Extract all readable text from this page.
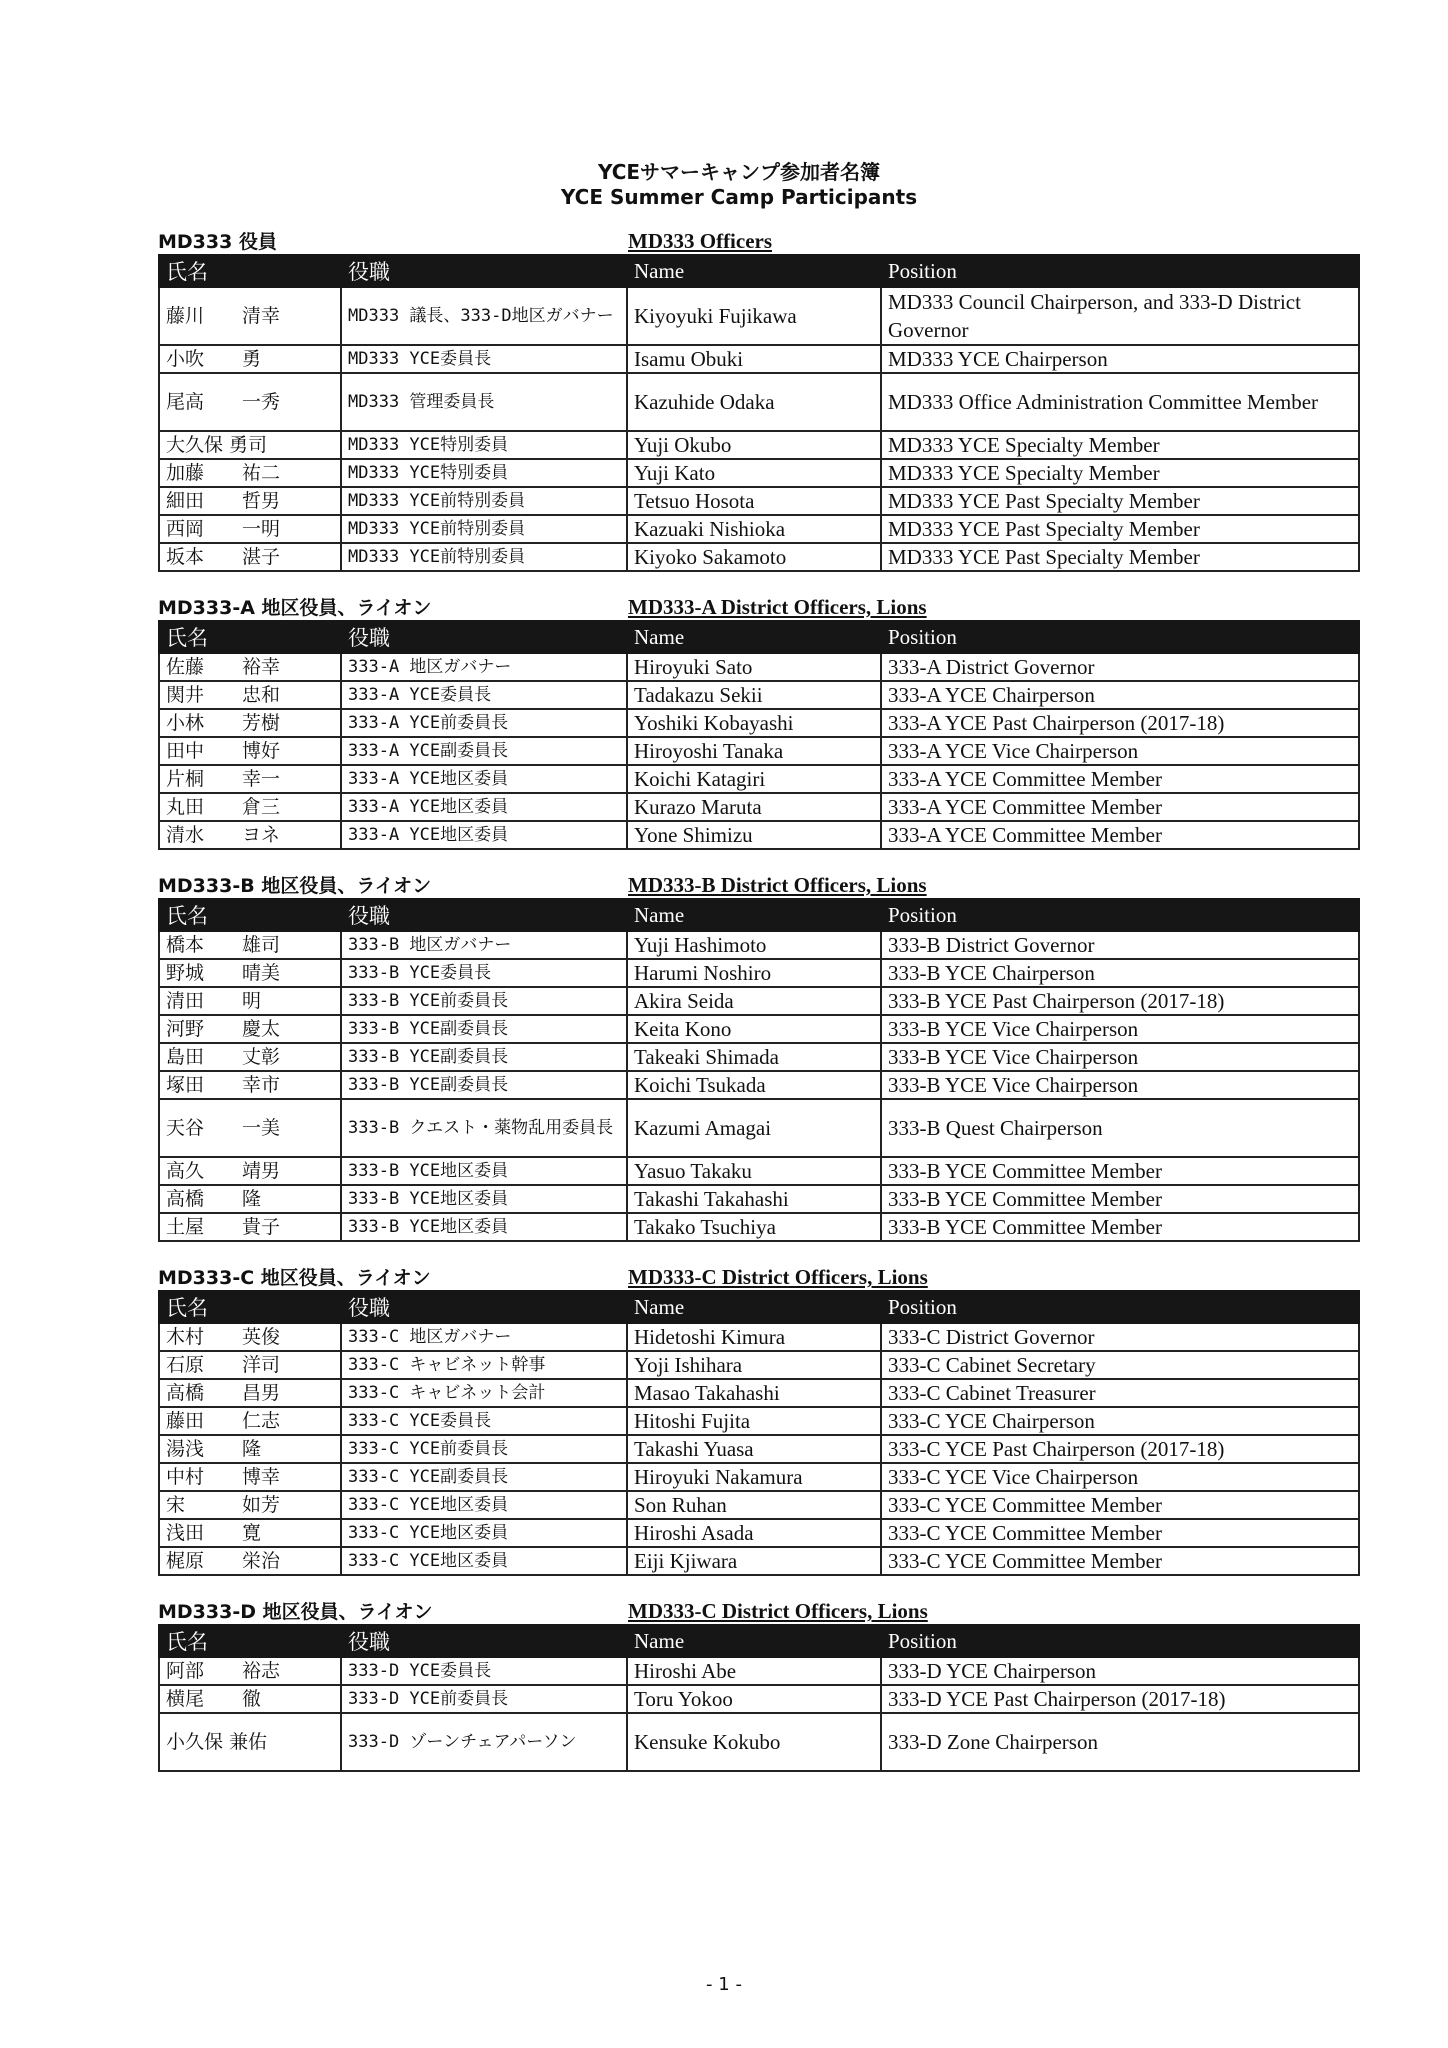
YCEサマーキャンプ参加者名簿
YCE Summer Camp Participants
MD333 役員	MD333 Officers
氏名	役職	Name	Position
藤川　　清幸	MD333 議長、333-D地区ガバナー	Kiyoyuki Fujikawa	MD333 Council Chairperson, and 333-D District Governor
小吹　　勇	MD333 YCE委員長	Isamu Obuki	MD333 YCE Chairperson
尾高　　一秀	MD333 管理委員長	Kazuhide Odaka	MD333 Office Administration Committee Member
大久保 勇司	MD333 YCE特別委員	Yuji Okubo	MD333 YCE Specialty Member
加藤　　祐二	MD333 YCE特別委員	Yuji Kato	MD333 YCE Specialty Member
細田　　哲男	MD333 YCE前特別委員	Tetsuo Hosota	MD333 YCE Past Specialty Member
西岡　　一明	MD333 YCE前特別委員	Kazuaki Nishioka	MD333 YCE Past Specialty Member
坂本　　湛子	MD333 YCE前特別委員	Kiyoko Sakamoto	MD333 YCE Past Specialty Member
MD333-A 地区役員、ライオン	MD333-A District Officers, Lions
氏名	役職	Name	Position
佐藤　　裕幸	333-A 地区ガバナー	Hiroyuki Sato	333-A District Governor
関井　　忠和	333-A YCE委員長	Tadakazu Sekii	333-A YCE Chairperson
小林　　芳樹	333-A YCE前委員長	Yoshiki Kobayashi	333-A YCE Past Chairperson (2017-18)
田中　　博好	333-A YCE副委員長	Hiroyoshi Tanaka	333-A YCE Vice Chairperson
片桐　　幸一	333-A YCE地区委員	Koichi Katagiri	333-A YCE Committee Member
丸田　　倉三	333-A YCE地区委員	Kurazo Maruta	333-A YCE Committee Member
清水　　ヨネ	333-A YCE地区委員	Yone Shimizu	333-A YCE Committee Member
MD333-B 地区役員、ライオン	MD333-B District Officers, Lions
氏名	役職	Name	Position
橋本　　雄司	333-B 地区ガバナー	Yuji Hashimoto	333-B District Governor
野城　　晴美	333-B YCE委員長	Harumi Noshiro	333-B YCE Chairperson
清田　　明	333-B YCE前委員長	Akira Seida	333-B YCE Past Chairperson (2017-18)
河野　　慶太	333-B YCE副委員長	Keita Kono	333-B YCE Vice Chairperson
島田　　丈彰	333-B YCE副委員長	Takeaki Shimada	333-B YCE Vice Chairperson
塚田　　幸市	333-B YCE副委員長	Koichi Tsukada	333-B YCE Vice Chairperson
天谷　　一美	333-B クエスト・薬物乱用委員長	Kazumi Amagai	333-B Quest Chairperson
高久　　靖男	333-B YCE地区委員	Yasuo Takaku	333-B YCE Committee Member
高橋　　隆	333-B YCE地区委員	Takashi Takahashi	333-B YCE Committee Member
土屋　　貴子	333-B YCE地区委員	Takako Tsuchiya	333-B YCE Committee Member
MD333-C 地区役員、ライオン	MD333-C District Officers, Lions
氏名	役職	Name	Position
木村　　英俊	333-C 地区ガバナー	Hidetoshi Kimura	333-C District Governor
石原　　洋司	333-C キャビネット幹事	Yoji Ishihara	333-C Cabinet Secretary
高橋　　昌男	333-C キャビネット会計	Masao Takahashi	333-C Cabinet Treasurer
藤田　　仁志	333-C YCE委員長	Hitoshi Fujita	333-C YCE Chairperson
湯浅　　隆	333-C YCE前委員長	Takashi Yuasa	333-C YCE Past Chairperson (2017-18)
中村　　博幸	333-C YCE副委員長	Hiroyuki Nakamura	333-C YCE Vice Chairperson
宋　　　如芳	333-C YCE地区委員	Son Ruhan	333-C YCE Committee Member
浅田　　寛	333-C YCE地区委員	Hiroshi Asada	333-C YCE Committee Member
梶原　　栄治	333-C YCE地区委員	Eiji Kjiwara	333-C YCE Committee Member
MD333-D 地区役員、ライオン	MD333-C District Officers, Lions
氏名	役職	Name	Position
阿部　　裕志	333-D YCE委員長	Hiroshi Abe	333-D YCE Chairperson
横尾　　徹	333-D YCE前委員長	Toru Yokoo	333-D YCE Past Chairperson (2017-18)
小久保 兼佑	333-D ゾーンチェアパーソン	Kensuke Kokubo	333-D Zone Chairperson
- 1 -
